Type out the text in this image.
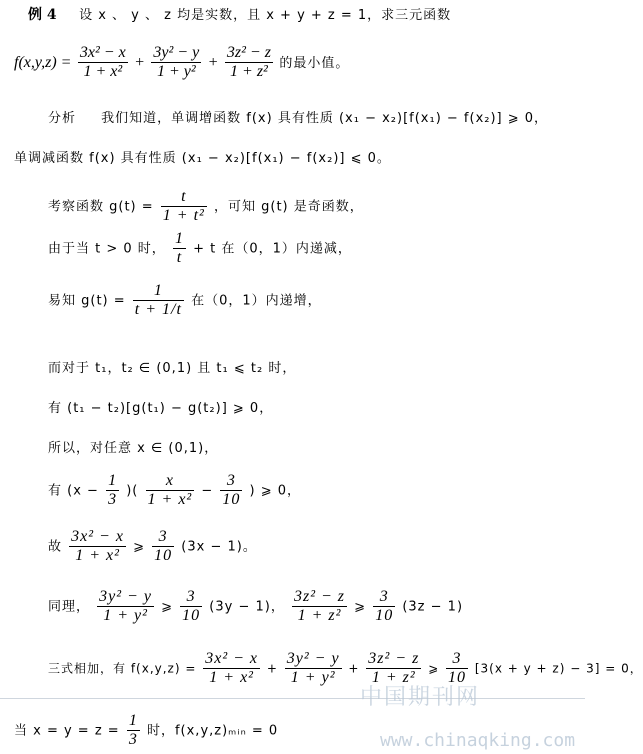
例 4 设 x 、 y 、 z 均是实数，且 x + y + z = 1，求三元函数
$f(x,y,z) = \frac{\text{3x² − x}}{\text{1 + x²}} + \frac{\text{3y² − y}}{\text{1 + y²}} + \frac{\text{3z² − z}}{\text{1 + z²}}$ 的最小值。
分析 我们知道，单调增函数 f(x) 具有性质 (x₁ − x₂)[f(x₁) − f(x₂)] ⩾ 0，
单调减函数 f(x) 具有性质 (x₁ − x₂)[f(x₁) − f(x₂)] ⩽ 0。
考察函数 $g(t) = \frac{t}{\text{1 + t²}}$ ，可知 g(t) 是奇函数，
由于当 t > 0 时， $\frac{1}{t} + t$ 在（0，1）内递减，
易知 $g(t) = \frac{1}{t + 1/t}$ 在（0，1）内递增，
而对于 t₁，t₂ ∈ (0,1) 且 t₁ ⩽ t₂ 时，
有 (t₁ − t₂)[g(t₁) − g(t₂)] ⩾ 0，
所以，对任意 x ∈ (0,1)，
有 ($x - \frac{1}{3}$ )( $\frac{x}{\text{1 + x²}} - \frac{3}{10}$ ) ⩾ 0，
故 $\frac{\text{3x² − x}}{\text{1 + x²}}$ ⩾ $\frac{3}{10} (3x - 1)$。
同理， $\frac{\text{3y² − y}}{\text{1 + y²}}$ ⩾ $\frac{3}{10} (3y - 1)$， $\frac{\text{3z² − z}}{\text{1 + z²}}$ ⩾ $\frac{3}{10} (3z - 1)$
三式相加，有 $f(x,y,z) = \frac{\text{3x² − x}}{\text{1 + x²}} + \frac{\text{3y² − y}}{\text{1 + y²}} + \frac{\text{3z² − z}}{\text{1 + z²}}$ ⩾ $\frac{3}{10} [3(x + y + z) - 3] = 0$，
当 $x = y = z = \frac{1}{3}$ 时，f(x,y,z)ₘᵢₙ = 0
中国期刊网
www.chinaqking.com
